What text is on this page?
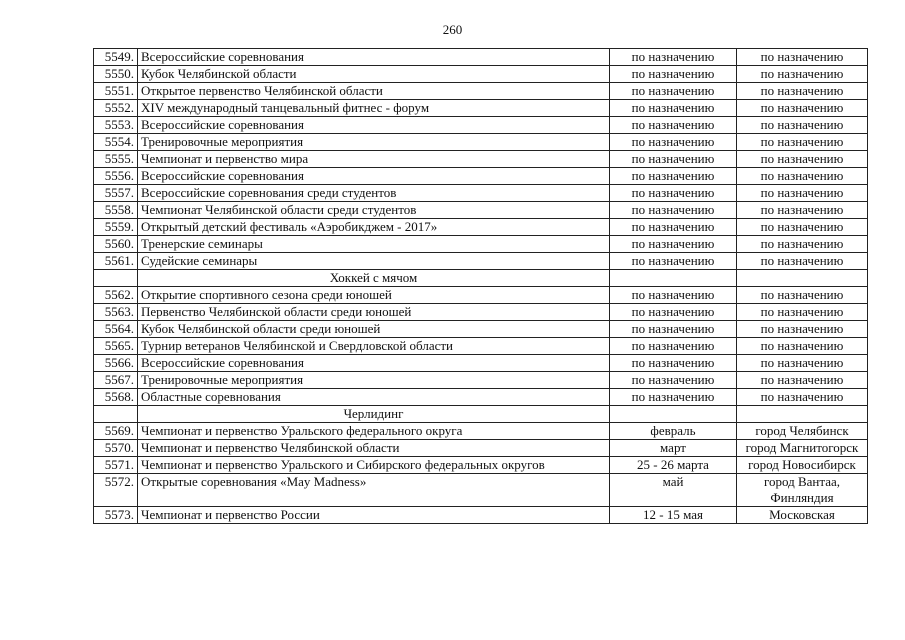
260
5549.	Всероссийские соревнования	по назначению	по назначению
5550.	Кубок Челябинской области	по назначению	по назначению
5551.	Открытое первенство Челябинской области	по назначению	по назначению
5552.	XIV международный танцевальный фитнес - форум	по назначению	по назначению
5553.	Всероссийские соревнования	по назначению	по назначению
5554.	Тренировочные мероприятия	по назначению	по назначению
5555.	Чемпионат и первенство мира	по назначению	по назначению
5556.	Всероссийские соревнования	по назначению	по назначению
5557.	Всероссийские соревнования среди студентов	по назначению	по назначению
5558.	Чемпионат Челябинской области среди студентов	по назначению	по назначению
5559.	Открытый детский фестиваль «Аэробикджем - 2017»	по назначению	по назначению
5560.	Тренерские семинары	по назначению	по назначению
5561.	Судейские семинары	по назначению	по назначению
	Хоккей с мячом		
5562.	Открытие спортивного сезона среди юношей	по назначению	по назначению
5563.	Первенство Челябинской области среди юношей	по назначению	по назначению
5564.	Кубок Челябинской области среди юношей	по назначению	по назначению
5565.	Турнир ветеранов Челябинской и Свердловской области	по назначению	по назначению
5566.	Всероссийские соревнования	по назначению	по назначению
5567.	Тренировочные мероприятия	по назначению	по назначению
5568.	Областные соревнования	по назначению	по назначению
	Черлидинг		
5569.	Чемпионат и первенство Уральского федерального округа	февраль	город Челябинск
5570.	Чемпионат и первенство Челябинской области	март	город Магнитогорск
5571.	Чемпионат и первенство Уральского и Сибирского федеральных округов	25 - 26 марта	город Новосибирск
5572.	Открытые соревнования «May Madness»	май	город Вантаа, Финляндия
5573.	Чемпионат и первенство России	12 - 15 мая	Московская
